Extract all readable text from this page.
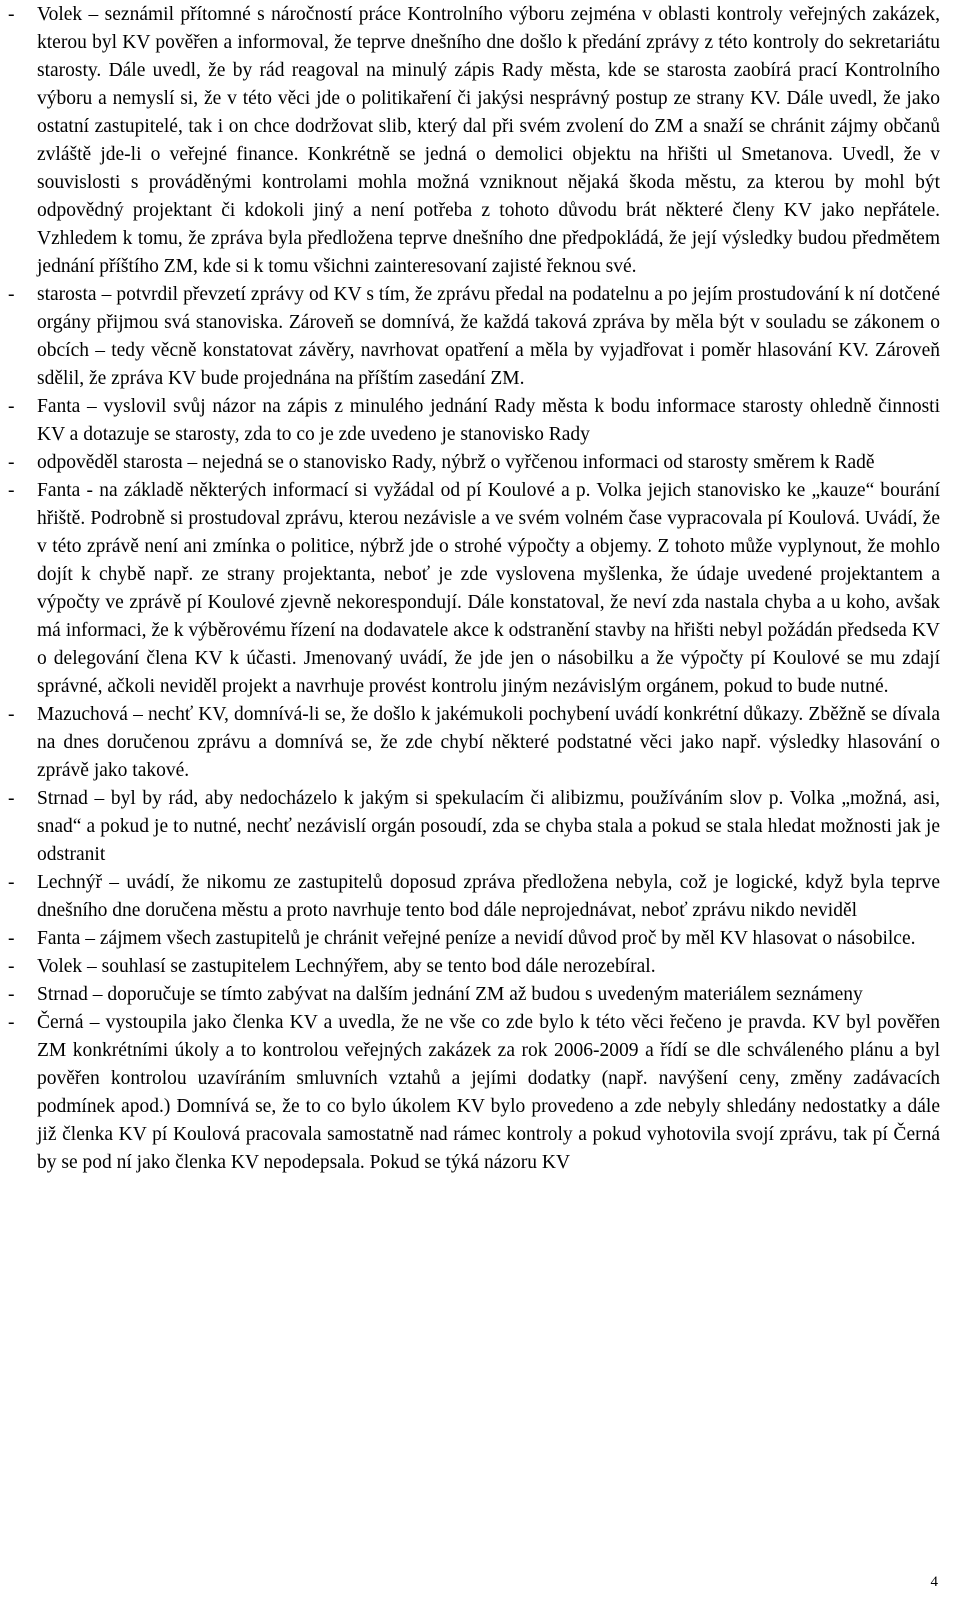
-	Volek – seznámil přítomné s náročností práce Kontrolního výboru zejména v oblasti kontroly veřejných zakázek, kterou byl KV pověřen a informoval, že teprve dnešního dne došlo k předání zprávy z této kontroly do sekretariátu starosty. Dále uvedl, že by rád reagoval na minulý zápis Rady města, kde se starosta zaobírá prací Kontrolního výboru a nemyslí si, že v této věci jde o politikaření či jakýsi nesprávný postup ze strany KV. Dále uvedl, že jako ostatní zastupitelé, tak i on chce dodržovat slib, který dal při svém zvolení do ZM a snaží se chránit zájmy občanů zvláště jde-li o veřejné finance. Konkrétně se jedná o demolici objektu na hřišti ul Smetanova. Uvedl, že v souvislosti s prováděnými kontrolami mohla možná vzniknout nějaká škoda městu, za kterou by mohl být odpovědný projektant či kdokoli jiný a není potřeba z tohoto důvodu brát některé členy KV jako nepřátele. Vzhledem k tomu, že zpráva byla předložena teprve dnešního dne předpokládá, že její výsledky budou předmětem jednání příštího ZM, kde si k tomu všichni zainteresovaní zajisté řeknou své.

-	starosta – potvrdil převzetí zprávy od KV s tím, že zprávu předal na podatelnu a po jejím prostudování k ní dotčené orgány přijmou svá stanoviska. Zároveň se domnívá, že každá taková zpráva by měla být v souladu se zákonem o obcích – tedy věcně konstatovat závěry, navrhovat opatření a měla by vyjadřovat i poměr hlasování KV. Zároveň sdělil, že zpráva KV bude projednána na příštím zasedání ZM.

-	Fanta – vyslovil svůj názor na zápis z minulého jednání Rady města k bodu informace starosty ohledně činnosti KV a dotazuje se starosty, zda to co je zde uvedeno je stanovisko Rady

-	odpověděl starosta – nejedná se o stanovisko Rady, nýbrž o vyřčenou informaci od starosty směrem k Radě

-	Fanta - na základě některých informací si vyžádal od pí Koulové a p. Volka jejich stanovisko ke „kauze“ bourání hřiště. Podrobně si prostudoval zprávu, kterou nezávisle a ve svém volném čase vypracovala pí Koulová. Uvádí, že v této zprávě není ani zmínka o politice, nýbrž jde o strohé výpočty a objemy. Z tohoto může vyplynout, že mohlo dojít k chybě např. ze strany projektanta, neboť je zde vyslovena myšlenka, že údaje uvedené projektantem a výpočty ve zprávě pí Koulové zjevně nekorespondují. Dále konstatoval, že neví zda nastala chyba a u koho, avšak má informaci, že k výběrovému řízení na dodavatele akce k odstranění stavby na hřišti nebyl požádán předseda KV o delegování člena KV k účasti. Jmenovaný uvádí, že jde jen o násobilku a že výpočty pí Koulové se mu zdají správné, ačkoli neviděl projekt a navrhuje provést kontrolu jiným nezávislým orgánem, pokud to bude nutné.

-	Mazuchová – nechť KV, domnívá-li se, že došlo k jakémukoli pochybení uvádí konkrétní důkazy. Zběžně se dívala na dnes doručenou zprávu a domnívá se, že zde chybí některé podstatné věci jako např. výsledky hlasování o zprávě jako takové.

-	Strnad – byl by rád, aby nedocházelo k jakým si spekulacím či alibizmu, používáním slov p. Volka „možná, asi, snad“ a pokud je to nutné, nechť nezávislí orgán posoudí, zda se chyba stala a pokud se stala hledat možnosti jak je odstranit

-	Lechnýř – uvádí, že nikomu ze zastupitelů doposud zpráva předložena nebyla, což je logické, když byla teprve dnešního dne doručena městu a proto navrhuje tento bod dále neprojednávat, neboť zprávu nikdo neviděl

-	Fanta – zájmem všech zastupitelů je chránit veřejné peníze a nevidí důvod proč by měl KV hlasovat o násobilce.

-	Volek – souhlasí se zastupitelem Lechnýřem, aby se tento bod dále nerozebíral.

-	Strnad – doporučuje se tímto zabývat na dalším jednání ZM až budou s uvedeným materiálem seznámeny

-	Černá – vystoupila jako členka KV a uvedla, že ne vše co zde bylo k této věci řečeno je pravda. KV byl pověřen ZM konkrétními úkoly a to kontrolou veřejných zakázek za rok 2006-2009 a řídí se dle schváleného plánu a byl pověřen kontrolou uzavíráním smluvních vztahů a jejími dodatky (např. navýšení ceny, změny zadávacích podmínek apod.) Domnívá se, že to co bylo úkolem KV bylo provedeno a zde nebyly shledány nedostatky a dále již členka KV pí Koulová pracovala samostatně nad rámec kontroly a pokud vyhotovila svojí zprávu, tak pí Černá by se pod ní jako členka KV nepodepsala. Pokud se týká názoru KV

4
